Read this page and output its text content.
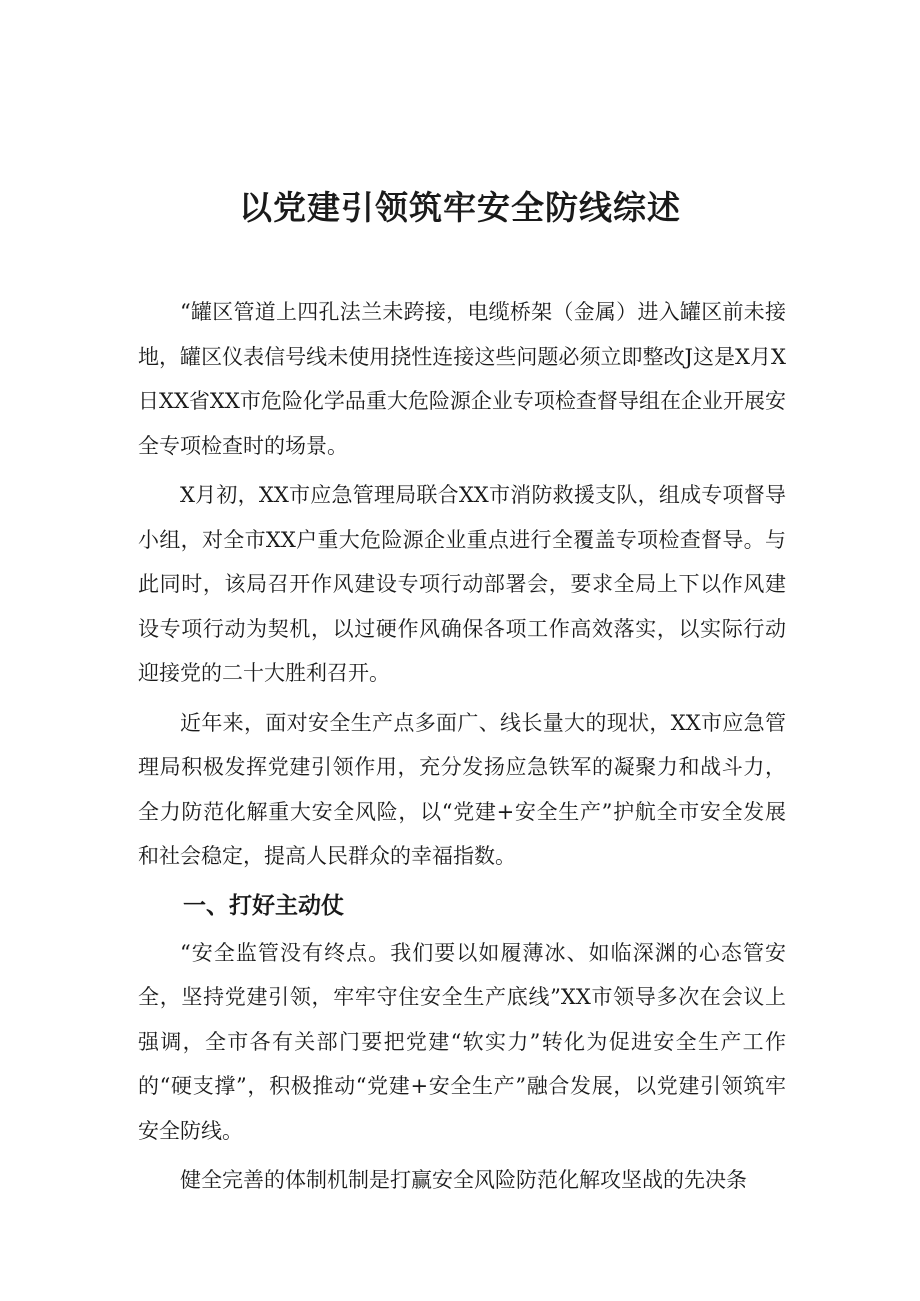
以党建引领筑牢安全防线综述

“罐区管道上四孔法兰未跨接，电缆桥架（金属）进入罐区前未接地，罐区仪表信号线未使用挠性连接这些问题必须立即整改J这是X月X日XX省XX市危险化学品重大危险源企业专项检查督导组在企业开展安全专项检查时的场景。

X月初，XX市应急管理局联合XX市消防救援支队，组成专项督导小组，对全市XX户重大危险源企业重点进行全覆盖专项检查督导。与此同时，该局召开作风建设专项行动部署会，要求全局上下以作风建设专项行动为契机，以过硬作风确保各项工作高效落实，以实际行动迎接党的二十大胜利召开。

近年来，面对安全生产点多面广、线长量大的现状，XX市应急管理局积极发挥党建引领作用，充分发扬应急铁军的凝聚力和战斗力，全力防范化解重大安全风险，以“党建+安全生产”护航全市安全发展和社会稳定，提高人民群众的幸福指数。

一、打好主动仗

“安全监管没有终点。我们要以如履薄冰、如临深渊的心态管安全，坚持党建引领，牢牢守住安全生产底线”XX市领导多次在会议上强调，全市各有关部门要把党建“软实力”转化为促进安全生产工作的“硬支撑”，积极推动“党建+安全生产”融合发展，以党建引领筑牢安全防线。

健全完善的体制机制是打赢安全风险防范化解攻坚战的先决条
